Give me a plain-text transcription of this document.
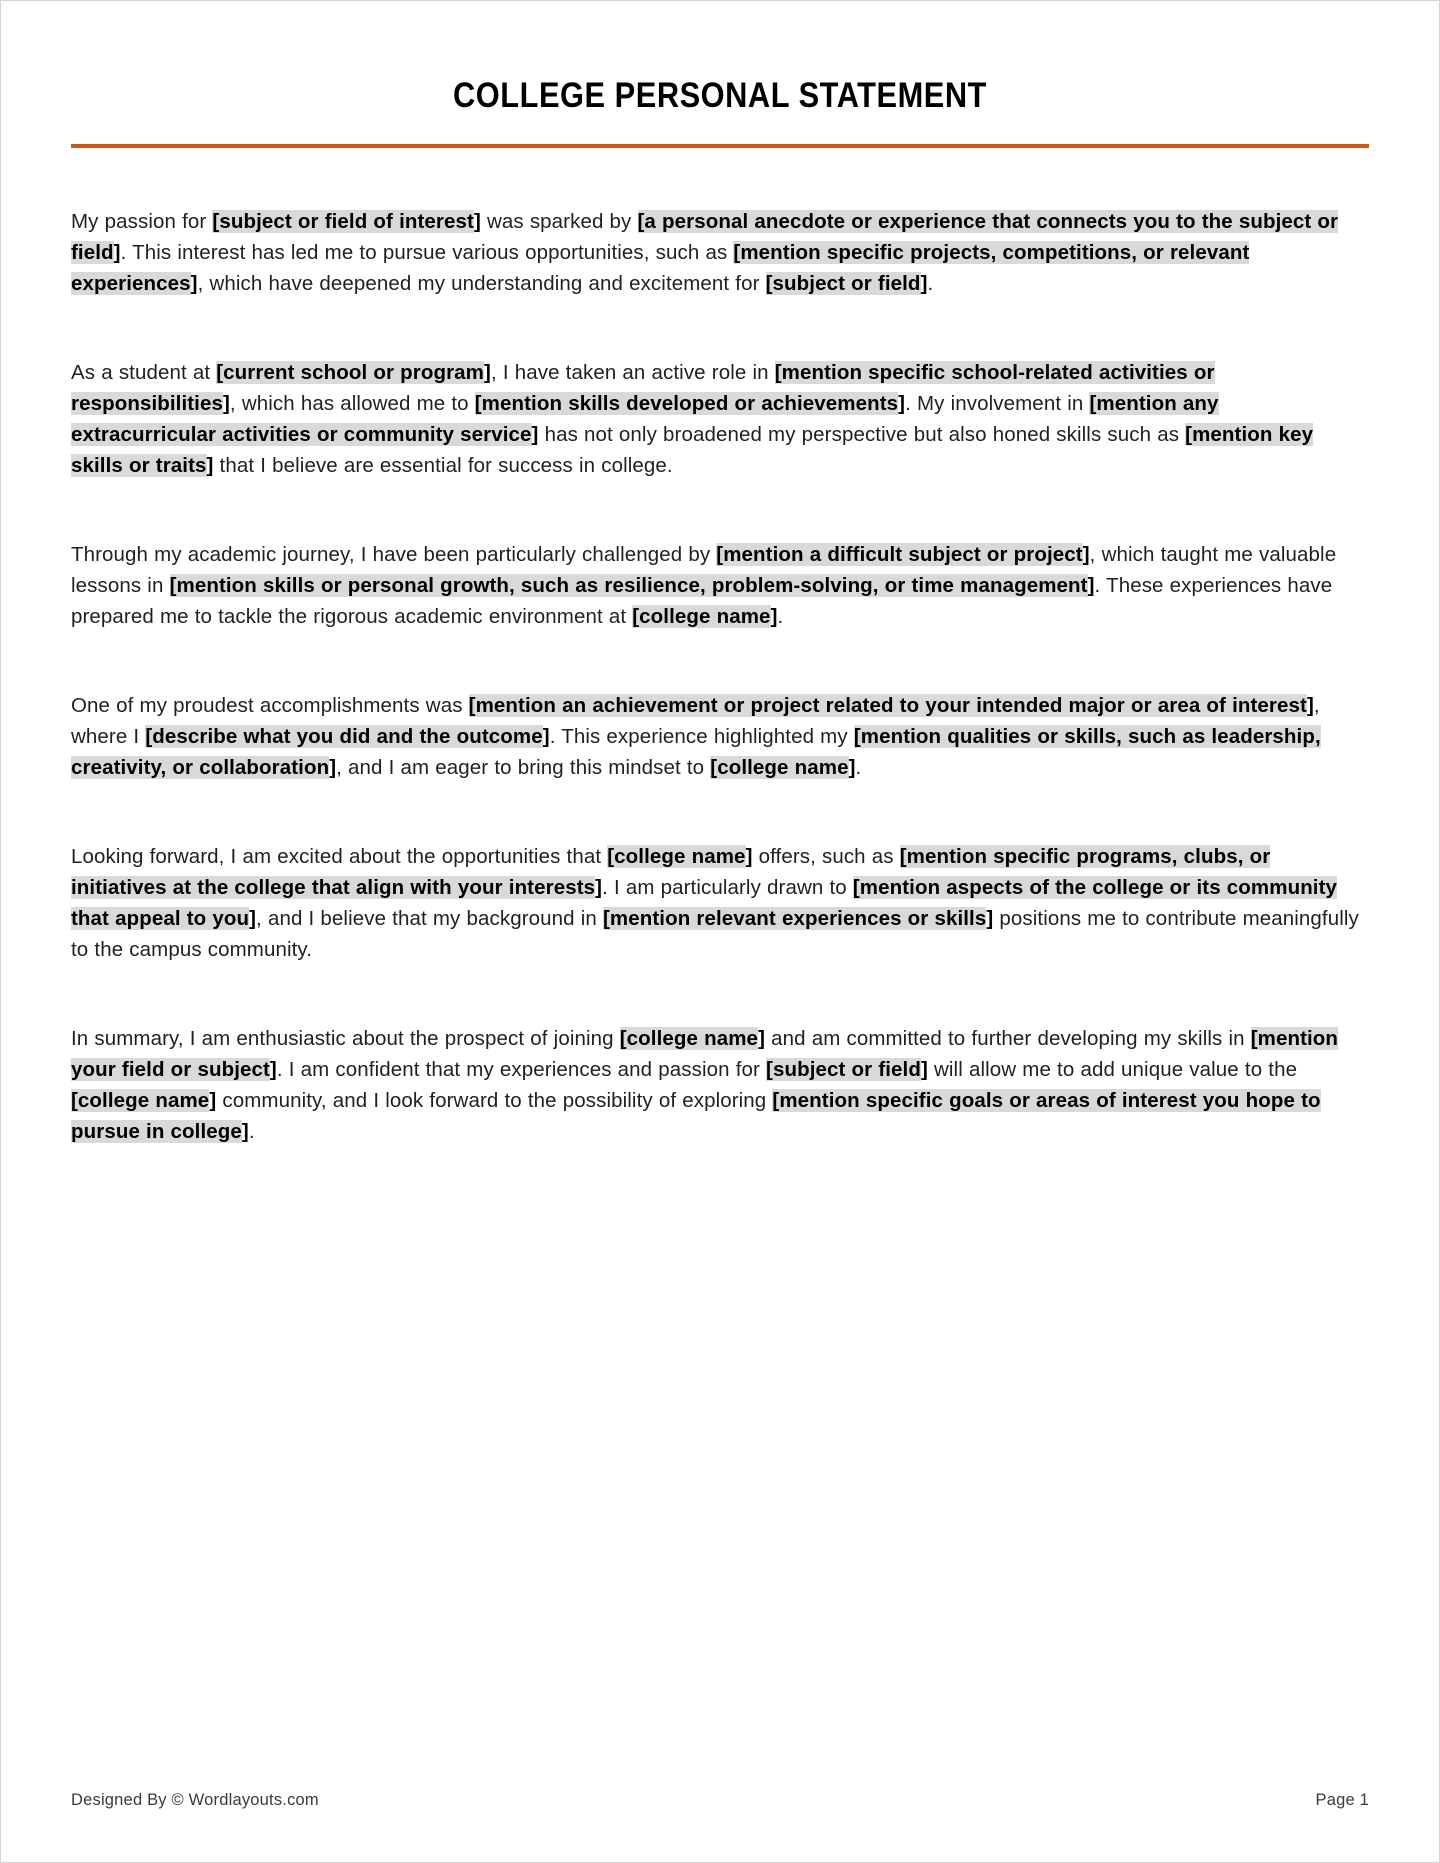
COLLEGE PERSONAL STATEMENT

My passion for [subject or field of interest] was sparked by [a personal anecdote or experience that connects you to the subject or field]. This interest has led me to pursue various opportunities, such as [mention specific projects, competitions, or relevant experiences], which have deepened my understanding and excitement for [subject or field].

As a student at [current school or program], I have taken an active role in [mention specific school-related activities or responsibilities], which has allowed me to [mention skills developed or achievements]. My involvement in [mention any extracurricular activities or community service] has not only broadened my perspective but also honed skills such as [mention key skills or traits] that I believe are essential for success in college.

Through my academic journey, I have been particularly challenged by [mention a difficult subject or project], which taught me valuable lessons in [mention skills or personal growth, such as resilience, problem-solving, or time management]. These experiences have prepared me to tackle the rigorous academic environment at [college name].

One of my proudest accomplishments was [mention an achievement or project related to your intended major or area of interest], where I [describe what you did and the outcome]. This experience highlighted my [mention qualities or skills, such as leadership, creativity, or collaboration], and I am eager to bring this mindset to [college name].

Looking forward, I am excited about the opportunities that [college name] offers, such as [mention specific programs, clubs, or initiatives at the college that align with your interests]. I am particularly drawn to [mention aspects of the college or its community that appeal to you], and I believe that my background in [mention relevant experiences or skills] positions me to contribute meaningfully to the campus community.

In summary, I am enthusiastic about the prospect of joining [college name] and am committed to further developing my skills in [mention your field or subject]. I am confident that my experiences and passion for [subject or field] will allow me to add unique value to the [college name] community, and I look forward to the possibility of exploring [mention specific goals or areas of interest you hope to pursue in college].

Designed By © Wordlayouts.com	Page 1
